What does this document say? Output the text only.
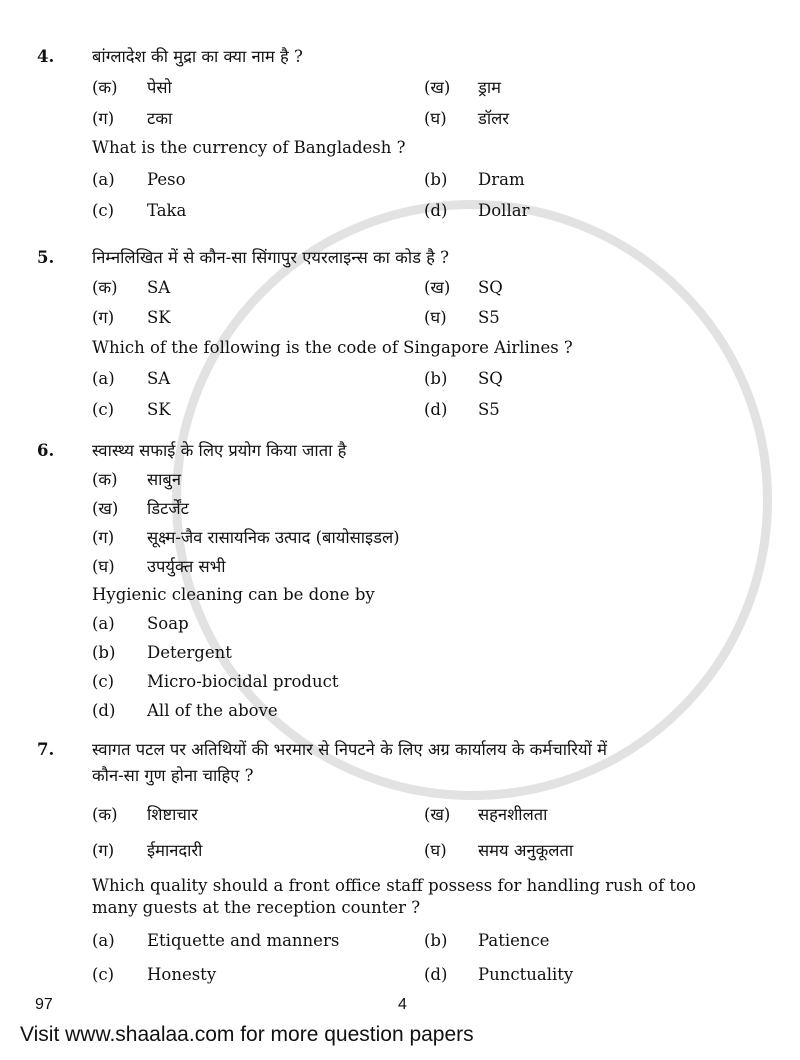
4. बांग्लादेश की मुद्रा का क्या नाम है ?
(क) पेसो	(ख) ड्राम
(ग) टका	(घ) डॉलर
What is the currency of Bangladesh ?
(a) Peso	(b) Dram
(c) Taka	(d) Dollar
5. निम्नलिखित में से कौन-सा सिंगापुर एयरलाइन्स का कोड है ?
(क) SA	(ख) SQ
(ग) SK	(घ) S5
Which of the following is the code of Singapore Airlines ?
(a) SA	(b) SQ
(c) SK	(d) S5
6. स्वास्थ्य सफाई के लिए प्रयोग किया जाता है
(क) साबुन
(ख) डिटर्जेंट
(ग) सूक्ष्म-जैव रासायनिक उत्पाद (बायोसाइडल)
(घ) उपर्युक्त सभी
Hygienic cleaning can be done by
(a) Soap
(b) Detergent
(c) Micro-biocidal product
(d) All of the above
7. स्वागत पटल पर अतिथियों की भरमार से निपटने के लिए अग्र कार्यालय के कर्मचारियों में
कौन-सा गुण होना चाहिए ?
(क) शिष्टाचार	(ख) सहनशीलता
(ग) ईमानदारी	(घ) समय अनुकूलता
Which quality should a front office staff possess for handling rush of too
many guests at the reception counter ?
(a) Etiquette and manners	(b) Patience
(c) Honesty	(d) Punctuality
97	4
Visit www.shaalaa.com for more question papers
